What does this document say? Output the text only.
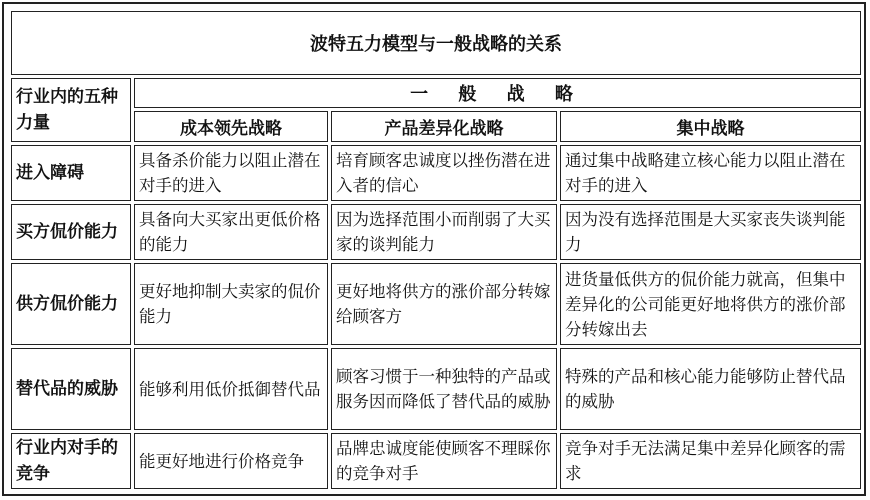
波特五力模型与一般战略的关系			
行业内的五种力量	一 般 战 略		
	成本领先战略	产品差异化战略	集中战略
进入障碍	具备杀价能力以阻止潜在对手的进入	培育顾客忠诚度以挫伤潜在进入者的信心	通过集中战略建立核心能力以阻止潜在对手的进入
买方侃价能力	具备向大买家出更低价格的能力	因为选择范围小而削弱了大买家的谈判能力	因为没有选择范围是大买家丧失谈判能力
供方侃价能力	更好地抑制大卖家的侃价能力	更好地将供方的涨价部分转嫁给顾客方	进货量低供方的侃价能力就高，但集中差异化的公司能更好地将供方的涨价部分转嫁出去
替代品的威胁	能够利用低价抵御替代品	顾客习惯于一种独特的产品或服务因而降低了替代品的威胁	特殊的产品和核心能力能够防止替代品的威胁
行业内对手的竞争	能更好地进行价格竞争	品牌忠诚度能使顾客不理睬你的竞争对手	竞争对手无法满足集中差异化顾客的需求
